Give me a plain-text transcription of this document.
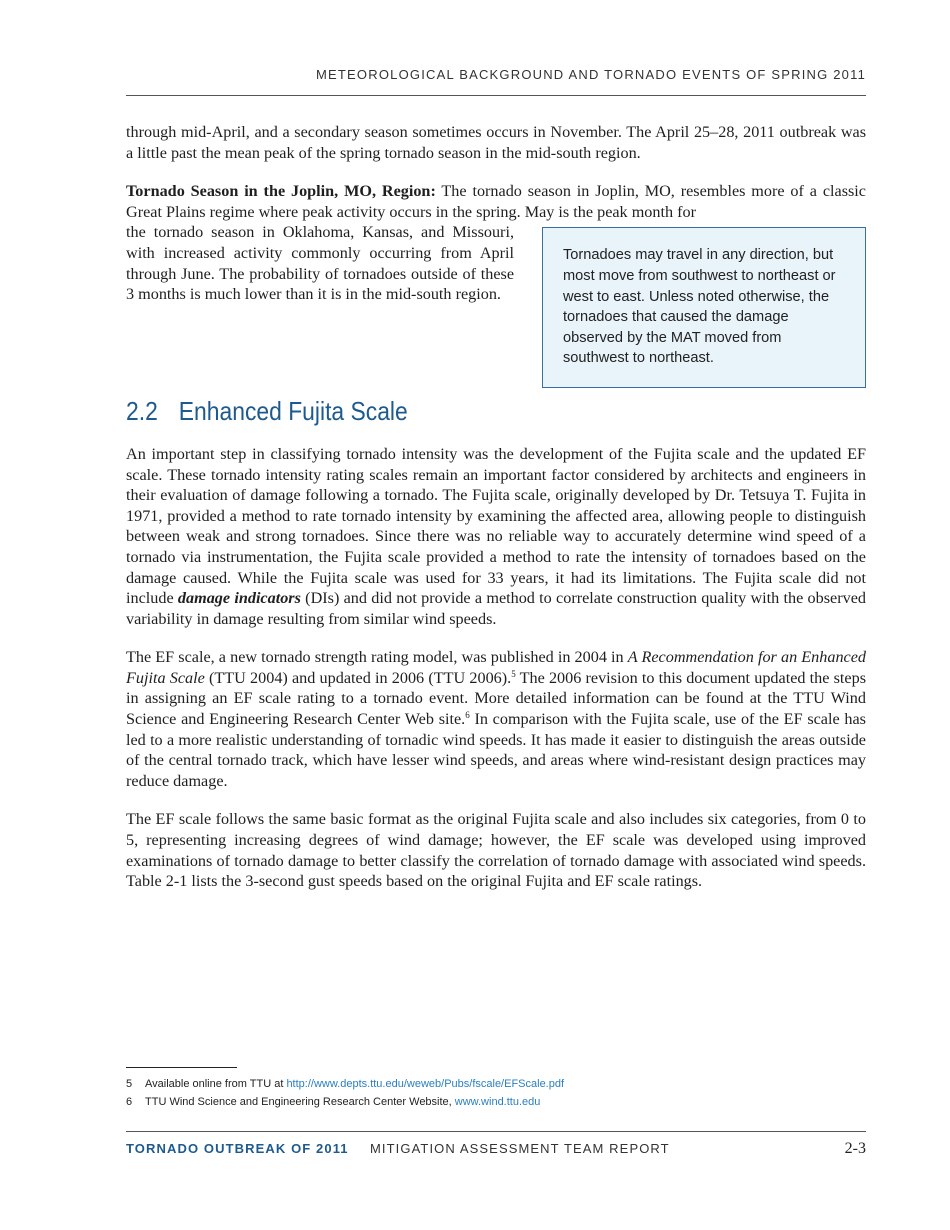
METEOROLOGICAL BACKGROUND AND TORNADO EVENTS OF SPRING 2011

through mid-April, and a secondary season sometimes occurs in November. The April 25–28, 2011 outbreak was a little past the mean peak of the spring tornado season in the mid-south region.

Tornado Season in the Joplin, MO, Region: The tornado season in Joplin, MO, resembles more of a classic Great Plains regime where peak activity occurs in the spring. May is the peak month for

Tornadoes may travel in any direction, but most move from southwest to northeast or west to east. Unless noted otherwise, the tornadoes that caused the damage observed by the MAT moved from southwest to northeast.

the tornado season in Oklahoma, Kansas, and Missouri, with increased activity commonly occurring from April through June. The probability of tornadoes outside of these 3 months is much lower than it is in the mid-south region.

2.2 Enhanced Fujita Scale

An important step in classifying tornado intensity was the development of the Fujita scale and the updated EF scale. These tornado intensity rating scales remain an important factor considered by architects and engineers in their evaluation of damage following a tornado. The Fujita scale, originally developed by Dr. Tetsuya T. Fujita in 1971, provided a method to rate tornado intensity by examining the affected area, allowing people to distinguish between weak and strong tornadoes. Since there was no reliable way to accurately determine wind speed of a tornado via instrumentation, the Fujita scale provided a method to rate the intensity of tornadoes based on the damage caused. While the Fujita scale was used for 33 years, it had its limitations. The Fujita scale did not include damage indicators (DIs) and did not provide a method to correlate construction quality with the observed variability in damage resulting from similar wind speeds.

The EF scale, a new tornado strength rating model, was published in 2004 in A Recommendation for an Enhanced Fujita Scale (TTU 2004) and updated in 2006 (TTU 2006).$^5$ The 2006 revision to this document updated the steps in assigning an EF scale rating to a tornado event. More detailed information can be found at the TTU Wind Science and Engineering Research Center Web site.$^6$ In comparison with the Fujita scale, use of the EF scale has led to a more realistic understanding of tornadic wind speeds. It has made it easier to distinguish the areas outside of the central tornado track, which have lesser wind speeds, and areas where wind-resistant design practices may reduce damage.

The EF scale follows the same basic format as the original Fujita scale and also includes six categories, from 0 to 5, representing increasing degrees of wind damage; however, the EF scale was developed using improved examinations of tornado damage to better classify the correlation of tornado damage with associated wind speeds. Table 2-1 lists the 3-second gust speeds based on the original Fujita and EF scale ratings.

5 Available online from TTU at http://www.depts.ttu.edu/weweb/Pubs/fscale/EFScale.pdf
6 TTU Wind Science and Engineering Research Center Website, www.wind.ttu.edu
TORNADO OUTBREAK OF 2011 MITIGATION ASSESSMENT TEAM REPORT	2-3
